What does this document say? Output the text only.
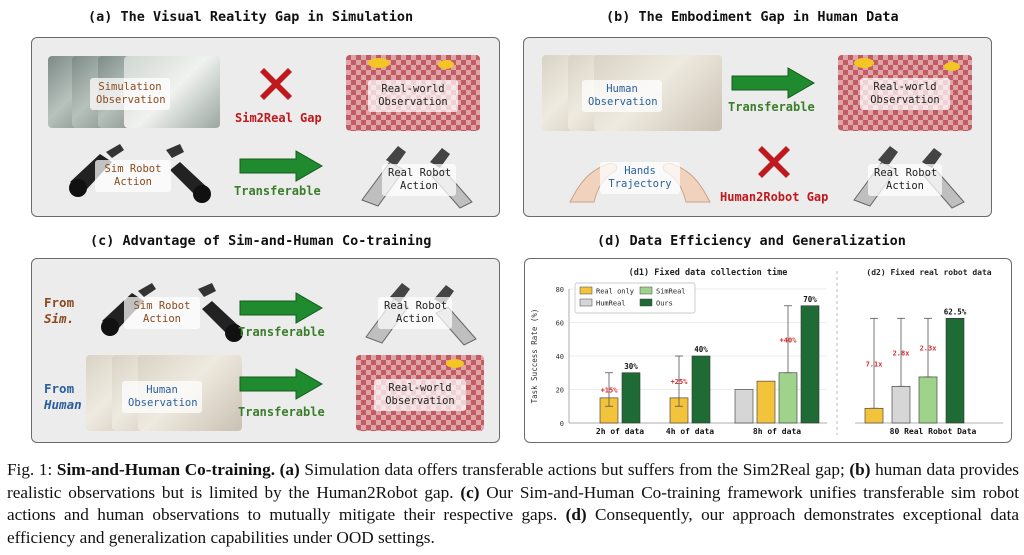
(a) The Visual Reality Gap in Simulation	(b) The Embodiment Gap in Human Data
(c) Advantage of Sim-and-Human Co-training	(d) Data Efficiency and Generalization
Simulation
Observation
Sim2Real Gap
Real-world
Observation
Sim Robot
Action
Transferable
Real Robot
Action
Human
Observation	Transferable
Real-world
Observation
Hands
Trajectory
Human2Robot Gap
Real Robot
Action
From
Sim.
Sim Robot
Action
Transferable
Real Robot
Action
From
Human
Human
Observation
Transferable
Real-world
Observation
(d1) Fixed data collection time
Task Success Rate (%)
0
20
40
60
80	Real only	SimReal
HumReal	Ours
+15%
30%
2h of data
+25%
40%
4h of data
+40%
70%
8h of data
(d2) Fixed real robot data
7.1x
2.8x
2.3x
62.5%
80 Real Robot Data
Fig. 1: Sim-and-Human Co-training. (a) Simulation data offers transferable actions but suffers from the Sim2Real gap; (b) human data provides realistic observations but is limited by the Human2Robot gap. (c) Our Sim-and-Human Co-training framework unifies transferable sim robot actions and human observations to mutually mitigate their respective gaps. (d) Consequently, our approach demonstrates exceptional data efficiency and generalization capabilities under OOD settings.
